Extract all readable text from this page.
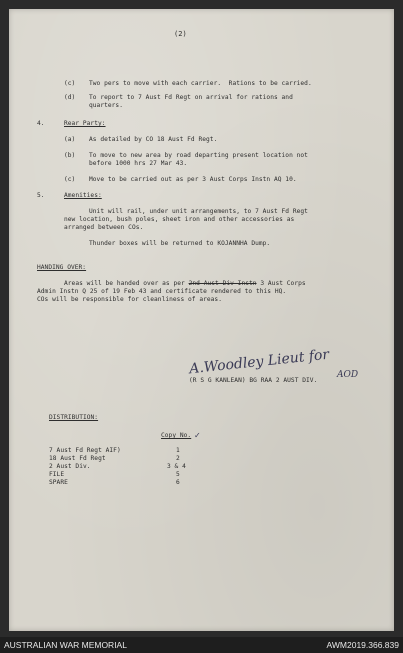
(2)
(c) Two pers to move with each carrier.  Rations to be carried.
(d) To report to 7 Aust Fd Regt on arrival for rations and
quarters.
4.	Rear Party:
(a) As detailed by CO 18 Aust Fd Regt.
(b) To move to new area by road departing present location not
before 1000 hrs 27 Mar 43.
(c) Move to be carried out as per 3 Aust Corps Instn AQ 10.
5.	Amenities:
Unit will rail, under unit arrangements, to 7 Aust Fd Regt
new location, bush poles, sheet iron and other accessories as
arranged between COs.
Thunder boxes will be returned to KOJANNHA Dump.
HANDING OVER:
Areas will be handed over as per 2nd Aust Div Instn 3 Aust Corps
Admin Instn Q 25 of 19 Feb 43 and certificate rendered to this HQ.
COs will be responsible for cleanliness of areas.
A.Woodley Lieut for
(R S G KANLEAN) BG RAA 2 AUST DIV.
AOD
DISTRIBUTION:
Copy No.
7 Aust Fd Regt AIF)	1
18 Aust Fd Regt	2
2 Aust Div.	3 & 4
FILE	5
SPARE	6
✓
AUSTRALIAN WAR MEMORIAL	AWM2019.366.839
